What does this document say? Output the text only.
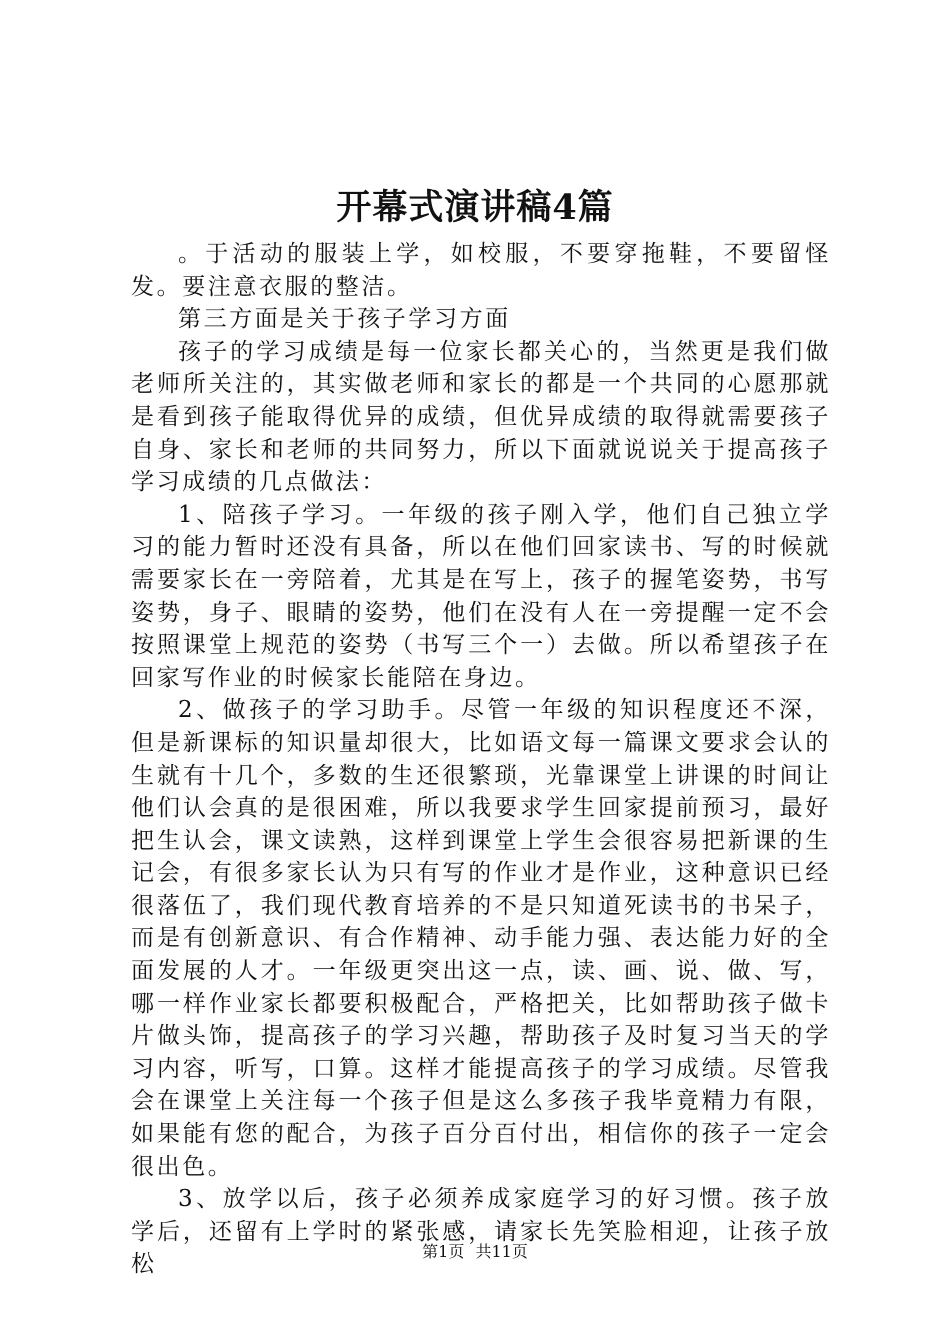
开幕式演讲稿4篇

。于活动的服装上学，如校服，不要穿拖鞋，不要留怪发。要注意衣服的整洁。

第三方面是关于孩子学习方面

孩子的学习成绩是每一位家长都关心的，当然更是我们做老师所关注的，其实做老师和家长的都是一个共同的心愿那就是看到孩子能取得优异的成绩，但优异成绩的取得就需要孩子自身、家长和老师的共同努力，所以下面就说说关于提高孩子学习成绩的几点做法：

1、陪孩子学习。一年级的孩子刚入学，他们自己独立学习的能力暂时还没有具备，所以在他们回家读书、写的时候就需要家长在一旁陪着，尤其是在写上，孩子的握笔姿势，书写姿势，身子、眼睛的姿势，他们在没有人在一旁提醒一定不会按照课堂上规范的姿势（书写三个一）去做。所以希望孩子在回家写作业的时候家长能陪在身边。

2、做孩子的学习助手。尽管一年级的知识程度还不深，但是新课标的知识量却很大，比如语文每一篇课文要求会认的生就有十几个，多数的生还很繁琐，光靠课堂上讲课的时间让他们认会真的是很困难，所以我要求学生回家提前预习，最好把生认会，课文读熟，这样到课堂上学生会很容易把新课的生记会，有很多家长认为只有写的作业才是作业，这种意识已经很落伍了，我们现代教育培养的不是只知道死读书的书呆子，而是有创新意识、有合作精神、动手能力强、表达能力好的全面发展的人才。一年级更突出这一点，读、画、说、做、写，哪一样作业家长都要积极配合，严格把关，比如帮助孩子做卡片做头饰，提高孩子的学习兴趣，帮助孩子及时复习当天的学习内容，听写，口算。这样才能提高孩子的学习成绩。尽管我会在课堂上关注每一个孩子但是这么多孩子我毕竟精力有限，如果能有您的配合，为孩子百分百付出，相信你的孩子一定会很出色。

3、放学以后，孩子必须养成家庭学习的好习惯。孩子放学后，还留有上学时的紧张感，请家长先笑脸相迎，让孩子放松	第1页 共11页
